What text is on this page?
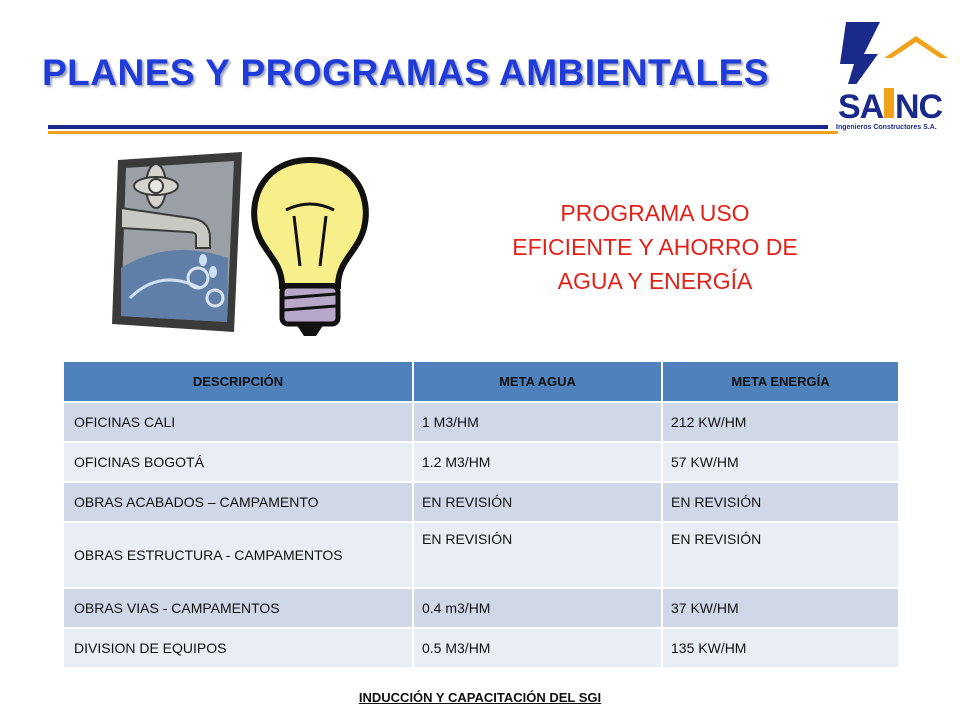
PLANES Y PROGRAMAS AMBIENTALES
SA NC
Ingenieros Constructores S.A.
PROGRAMA USO
EFICIENTE Y AHORRO DE
AGUA Y ENERGÍA
DESCRIPCIÓN	META AGUA	META ENERGÍA
OFICINAS CALI	1 M3/HM	212 KW/HM
OFICINAS BOGOTÁ	1.2 M3/HM	57 KW/HM
OBRAS ACABADOS – CAMPAMENTO	EN REVISIÓN	EN REVISIÓN
OBRAS ESTRUCTURA - CAMPAMENTOS	EN REVISIÓN	EN REVISIÓN
OBRAS VIAS - CAMPAMENTOS	0.4 m3/HM	37 KW/HM
DIVISION DE EQUIPOS	0.5 M3/HM	135 KW/HM
INDUCCIÓN Y CAPACITACIÓN DEL SGI
